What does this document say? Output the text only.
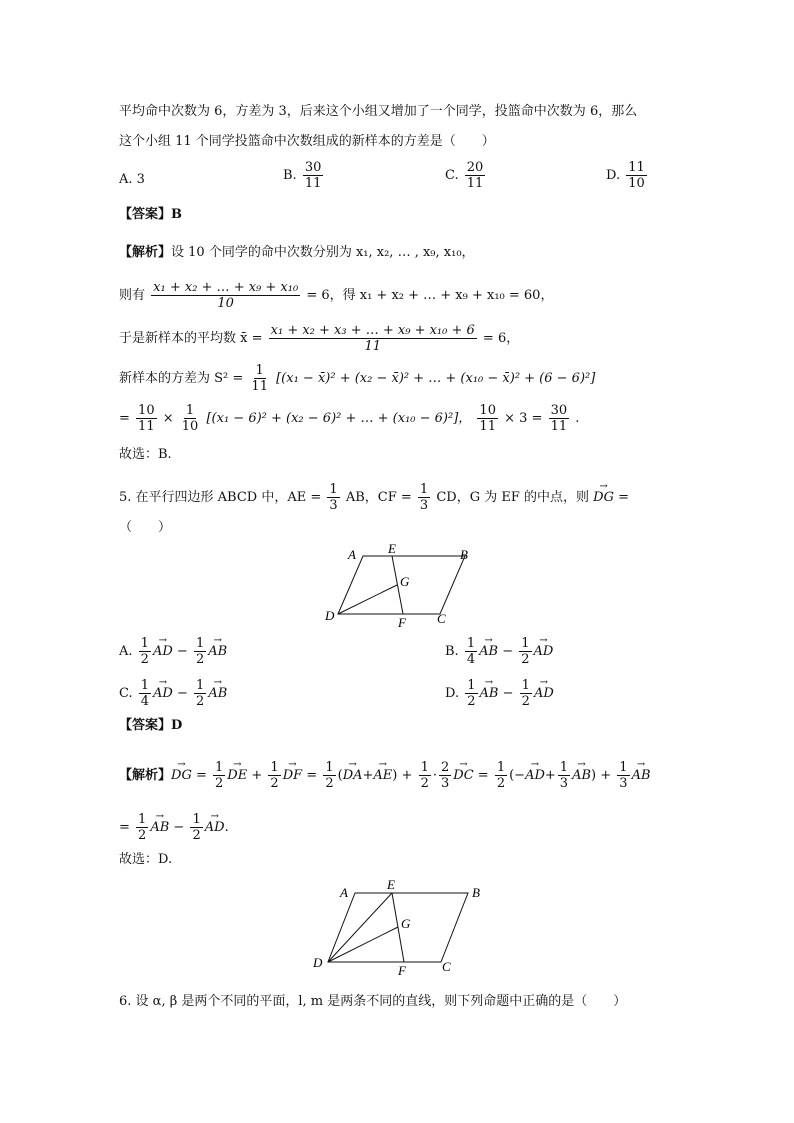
平均命中次数为 6，方差为 3，后来这个小组又增加了一个同学，投篮命中次数为 6，那么
这个小组 11 个同学投篮命中次数组成的新样本的方差是（　　）
A. 3	B. $\frac{30}{11}$	C. $\frac{20}{11}$	D. $\frac{11}{10}$
【答案】B
【解析】设 10 个同学的命中次数分别为 x₁, x₂, … , x₉, x₁₀，
则有 $\frac{\text{x₁ + x₂ + … + x₉ + x₁₀}}{10} = 6$，得 x₁ + x₂ + … + x₉ + x₁₀ = 60，
于是新样本的平均数 x̄ = $\frac{\text{x₁ + x₂ + x₃ + … + x₉ + x₁₀ + 6}}{11} = 6$，
新样本的方差为 $S^2 = \frac{1}{11} [(x_1$ − x̄)² + (x₂ − x̄)² + … + (x₁₀ − x̄)² + (6 − 6)²]
= $\frac{10}{11} \times \frac{1}{10} [(x_1 - 6)^2 + (x_2 - 6)^2$ + … + (x₁₀ − 6)²]， $\frac{10}{11} \times 3 = \frac{30}{11}$ .
故选：B.
5. 在平行四边形 ABCD 中，AE = $\frac{1}{3}$ AB，CF = $\frac{1}{3}$ CD，G 为 EF 的中点，则 → DG =
（　　）
A E	B
G
D	F C
A. $\frac{1}{2}$
→ AD − $\frac{1}{2}$
→ AB	B. $\frac{1}{4}$
→ AB − $\frac{1}{2}$
→ AD
C. $\frac{1}{4}$
→ AD − $\frac{1}{2}$
→ AB	D. $\frac{1}{2}$
→ AB − $\frac{1}{2}$
→ AD
【答案】D
【解析】→ DG = $\frac{1}{2}$
→ DE + $\frac{1}{2}$
→ DF = $\frac{1}{2}$ (→ $DA+\to AE) + \frac{1}{2} \cdot \frac{2}{3}$
→ DC = $\frac{1}{2}$ (−→ $AD+ \frac{1}{3}$
→ $AB) + \frac{1}{3}$
→ AB
= $\frac{1}{2}$
→ AB − $\frac{1}{2}$
→ AD.
故选：D.
A
E
B
G
D
F	C
6. 设 α, β 是两个不同的平面，l, m 是两条不同的直线，则下列命题中正确的是（　　）
